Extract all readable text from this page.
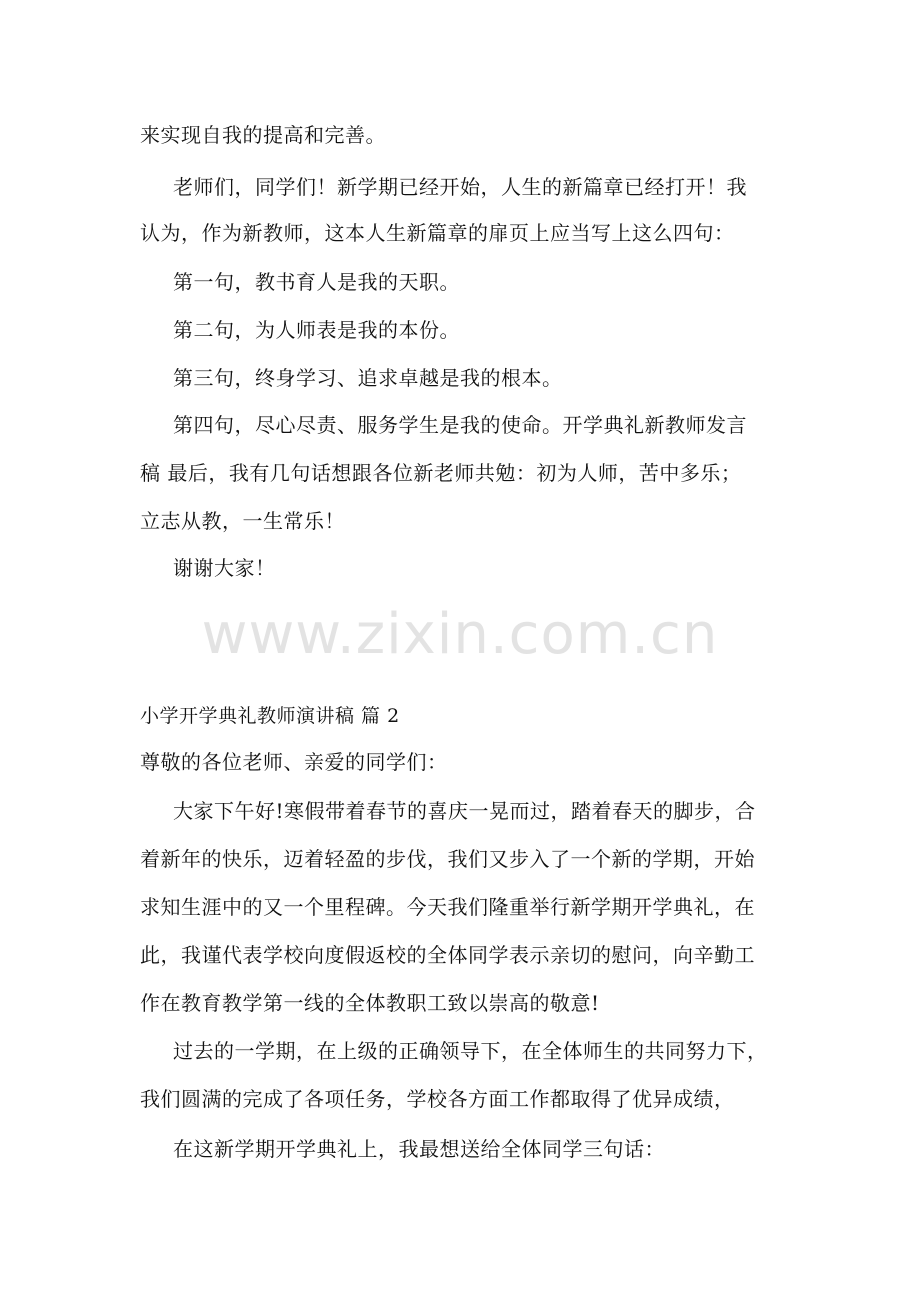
来实现自我的提高和完善。
老师们，同学们！新学期已经开始，人生的新篇章已经打开！我
认为，作为新教师，这本人生新篇章的扉页上应当写上这么四句：
第一句，教书育人是我的天职。
第二句，为人师表是我的本份。
第三句，终身学习、追求卓越是我的根本。
第四句，尽心尽责、服务学生是我的使命。开学典礼新教师发言
稿 最后，我有几句话想跟各位新老师共勉：初为人师，苦中多乐；
立志从教，一生常乐！
谢谢大家！
www.zixin.com.cn
小学开学典礼教师演讲稿 篇 2
尊敬的各位老师、亲爱的同学们：
大家下午好!寒假带着春节的喜庆一晃而过，踏着春天的脚步，合
着新年的快乐，迈着轻盈的步伐，我们又步入了一个新的学期，开始
求知生涯中的又一个里程碑。今天我们隆重举行新学期开学典礼，在
此，我谨代表学校向度假返校的全体同学表示亲切的慰问，向辛勤工
作在教育教学第一线的全体教职工致以崇高的敬意!
过去的一学期，在上级的正确领导下，在全体师生的共同努力下，
我们圆满的完成了各项任务，学校各方面工作都取得了优异成绩，
在这新学期开学典礼上，我最想送给全体同学三句话：
